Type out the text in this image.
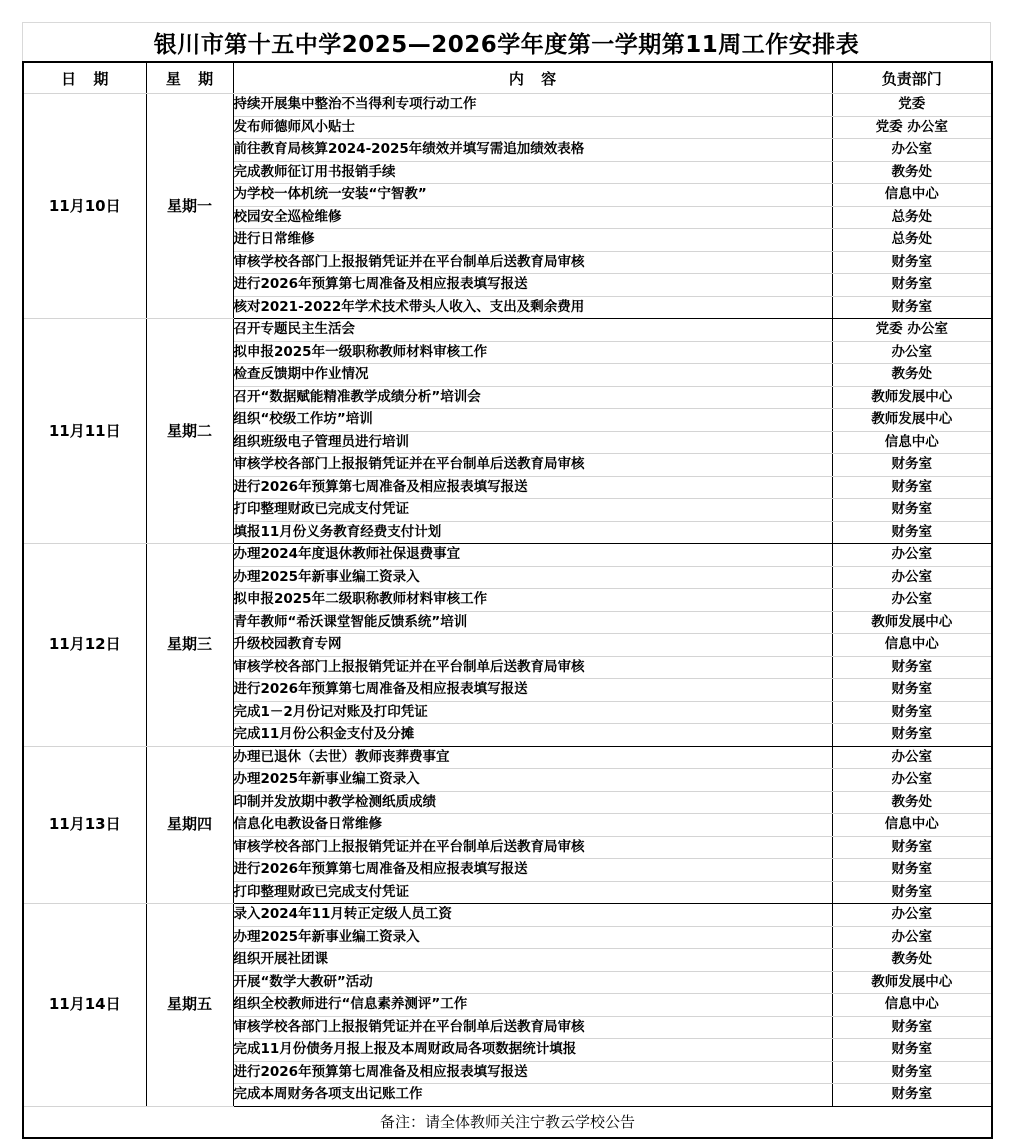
银川市第十五中学2025—2026学年度第一学期第11周工作安排表
日 期	星 期	内 容	负责部门
11月10日	星期一	持续开展集中整治不当得利专项行动工作	党委
		发布师德师风小贴士	党委 办公室
		前往教育局核算2024-2025年绩效并填写需追加绩效表格	办公室
		完成教师征订用书报销手续	教务处
		为学校一体机统一安装“宁智教”	信息中心
		校园安全巡检维修	总务处
		进行日常维修	总务处
		审核学校各部门上报报销凭证并在平台制单后送教育局审核	财务室
		进行2026年预算第七周准备及相应报表填写报送	财务室
		核对2021-2022年学术技术带头人收入、支出及剩余费用	财务室
11月11日	星期二	召开专题民主生活会	党委 办公室
		拟申报2025年一级职称教师材料审核工作	办公室
		检查反馈期中作业情况	教务处
		召开“数据赋能精准教学成绩分析”培训会	教师发展中心
		组织“校级工作坊”培训	教师发展中心
		组织班级电子管理员进行培训	信息中心
		审核学校各部门上报报销凭证并在平台制单后送教育局审核	财务室
		进行2026年预算第七周准备及相应报表填写报送	财务室
		打印整理财政已完成支付凭证	财务室
		填报11月份义务教育经费支付计划	财务室
11月12日	星期三	办理2024年度退休教师社保退费事宜	办公室
		办理2025年新事业编工资录入	办公室
		拟申报2025年二级职称教师材料审核工作	办公室
		青年教师“希沃课堂智能反馈系统”培训	教师发展中心
		升级校园教育专网	信息中心
		审核学校各部门上报报销凭证并在平台制单后送教育局审核	财务室
		进行2026年预算第七周准备及相应报表填写报送	财务室
		完成1－2月份记对账及打印凭证	财务室
		完成11月份公积金支付及分摊	财务室
11月13日	星期四	办理已退休（去世）教师丧葬费事宜	办公室
		办理2025年新事业编工资录入	办公室
		印制并发放期中教学检测纸质成绩	教务处
		信息化电教设备日常维修	信息中心
		审核学校各部门上报报销凭证并在平台制单后送教育局审核	财务室
		进行2026年预算第七周准备及相应报表填写报送	财务室
		打印整理财政已完成支付凭证	财务室
11月14日	星期五	录入2024年11月转正定级人员工资	办公室
		办理2025年新事业编工资录入	办公室
		组织开展社团课	教务处
		开展“数学大教研”活动	教师发展中心
		组织全校教师进行“信息素养测评”工作	信息中心
		审核学校各部门上报报销凭证并在平台制单后送教育局审核	财务室
		完成11月份债务月报上报及本周财政局各项数据统计填报	财务室
		进行2026年预算第七周准备及相应报表填写报送	财务室
		完成本周财务各项支出记账工作	财务室
备注：请全体教师关注宁教云学校公告			
